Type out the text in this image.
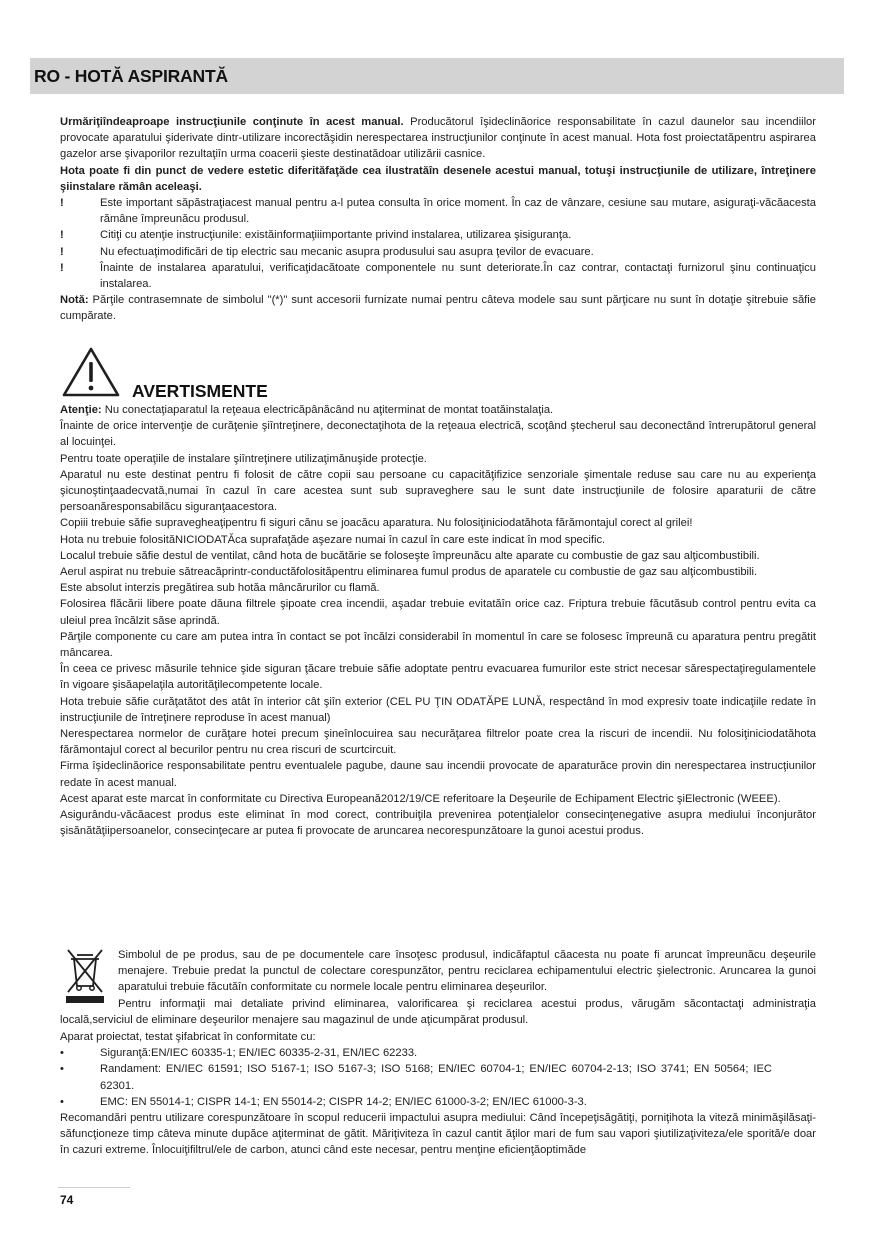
RO - HOTĂ ASPIRANTĂ

Urmăriţiîndeaproape instrucţiunile conţinute în acest manual. Producătorul îşideclinăorice responsabilitate în cazul daunelor sau incendiilor provocate aparatului şiderivate dintr-utilizare incorectăşidin nerespectarea instrucţiunilor conţinute în acest manual. Hota fost proiectatăpentru aspirarea gazelor arse şivaporilor rezultaţiîn urma coacerii şieste destinatădoar utilizării casnice.

Hota poate fi din punct de vedere estetic diferităfaţăde cea ilustratăîn desenele acestui manual, totuşi instrucţiunile de utilizare, întreţinere şiinstalare rămân aceleaşi.

!	Este important săpăstraţiacest manual pentru a-l putea consulta în orice moment. În caz de vânzare, cesiune sau mutare, asiguraţi-văcăacesta rămâne împreunăcu produsul.

!	Citiţi cu atenţie instrucţiunile: existăinformaţiiimportante privind instalarea, utilizarea şisiguranţa.

!	Nu efectuaţimodificări de tip electric sau mecanic asupra produsului sau asupra ţevilor de evacuare.

!	Înainte de instalarea aparatului, verificaţidacătoate componentele nu sunt deteriorate.În caz contrar, contactaţi furnizorul şinu continuaţicu instalarea.

Notă: Părţile contrasemnate de simbolul "(*)" sunt accesorii furnizate numai pentru câteva modele sau sunt părţicare nu sunt în dotaţie şitrebuie săfie cumpărate.

AVERTISMENTE

Atenţie: Nu conectaţiaparatul la reţeaua electricăpânăcând nu aţiterminat de montat toatăinstalaţia.

Înainte de orice intervenţie de curăţenie şiîntreţinere, deconectaţihota de la reţeaua electrică, scoţând ştecherul sau deconectând întrerupătorul general al locuinţei.

Pentru toate operaţiile de instalare şiîntreţinere utilizaţimănuşide protecţie.

Aparatul nu este destinat pentru fi folosit de către copii sau persoane cu capacităţifizice senzoriale şimentale reduse sau care nu au experienţa şicunoştinţaadecvată,numai în cazul în care acestea sunt sub supraveghere sau le sunt date instrucţiunile de folosire aparaturii de către persoanăresponsabilăcu siguranţaacestora.

Copiii trebuie săfie supravegheaţipentru fi siguri cănu se joacăcu aparatura. Nu folosiţiniciodatăhota fărămontajul corect al grilei!

Hota nu trebuie folosităNICIODATĂca suprafaţăde aşezare numai în cazul în care este indicat în mod specific.

Localul trebuie săfie destul de ventilat, când hota de bucătărie se foloseşte împreunăcu alte aparate cu combustie de gaz sau alţicombustibili.

Aerul aspirat nu trebuie sătreacăprintr-conductăfolosităpentru eliminarea fumul produs de aparatele cu combustie de gaz sau alţicombustibili.

Este absolut interzis pregătirea sub hotăa mâncărurilor cu flamă.

Folosirea flăcării libere poate dăuna filtrele şipoate crea incendii, aşadar trebuie evitatăîn orice caz. Friptura trebuie făcutăsub control pentru evita ca uleiul prea încălzit săse aprindă.

Părţile componente cu care am putea intra în contact se pot încălzi considerabil în momentul în care se folosesc împreună cu aparatura pentru pregătit mâncarea.

În ceea ce privesc măsurile tehnice şide siguran ţăcare trebuie săfie adoptate pentru evacuarea fumurilor este strict necesar sărespectaţiregulamentele în vigoare şisăapelaţila autorităţilecompetente locale.

Hota trebuie săfie curăţatătot des atât în interior cât şiîn exterior (CEL PU ŢIN ODATĂPE LUNĂ, respectând în mod expresiv toate indicaţiile redate în instrucţiunile de întreţinere reproduse în acest manual)

Nerespectarea normelor de curăţare hotei precum şineînlocuirea sau necurăţarea filtrelor poate crea la riscuri de incendii. Nu folosiţiniciodatăhota fărămontajul corect al becurilor pentru nu crea riscuri de scurtcircuit.

Firma îşideclinăorice responsabilitate pentru eventualele pagube, daune sau incendii provocate de aparaturăce provin din nerespectarea instrucţiunilor redate în acest manual.

Acest aparat este marcat în conformitate cu Directiva Europeană2012/19/CE referitoare la Deşeurile de Echipament Electric şiElectronic (WEEE).

Asigurându-văcăacest produs este eliminat în mod corect, contribuiţila prevenirea potenţialelor consecinţenegative asupra mediului înconjurător şisănătăţiipersoanelor, consecinţecare ar putea fi provocate de aruncarea necorespunzătoare la gunoi acestui produs.

Simbolul de pe produs, sau de pe documentele care însoţesc produsul, indicăfaptul căacesta nu poate fi aruncat împreunăcu deşeurile menajere. Trebuie predat la punctul de colectare corespunzător, pentru reciclarea echipamentului electric şielectronic. Aruncarea la gunoi aparatului trebuie făcutăîn conformitate cu normele locale pentru eliminarea deşeurilor.

Pentru informaţii mai detaliate privind eliminarea, valorificarea şi reciclarea acestui produs, vărugăm săcontactaţi administraţia locală,serviciul de eliminare deşeurilor menajere sau magazinul de unde aţicumpărat produsul.

Aparat proiectat, testat şifabricat în conformitate cu:

•	Siguranţă:EN/IEC 60335-1; EN/IEC 60335-2-31, EN/IEC 62233.

•	Randament: EN/IEC 61591; ISO 5167-1; ISO 5167-3; ISO 5168; EN/IEC 60704-1; EN/IEC 60704-2-13; ISO 3741; EN 50564; IEC 62301.

•	EMC: EN 55014-1; CISPR 14-1; EN 55014-2; CISPR 14-2; EN/IEC 61000-3-2; EN/IEC 61000-3-3.

Recomandări pentru utilizare corespunzătoare în scopul reducerii impactului asupra mediului: Când începeţisăgătiţi, porniţihota la viteză minimăşilăsaţi-săfuncţioneze timp câteva minute dupăce aţiterminat de gătit. Măriţiviteza în cazul cantit ăţilor mari de fum sau vapori şiutilizaţiviteza/ele sporită/e doar în cazuri extreme. Înlocuiţifiltrul/ele de carbon, atunci când este necesar, pentru menţine eficienţăoptimăde

74
